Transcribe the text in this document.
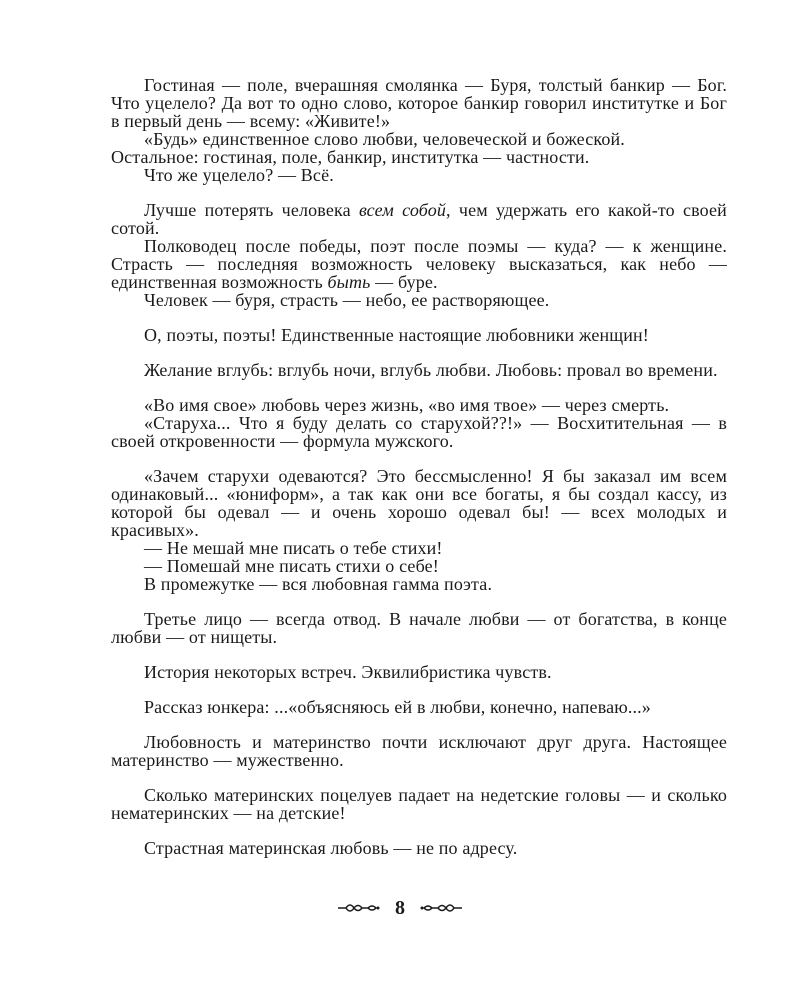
Гостиная — поле, вчерашняя смолянка — Буря, толстый банкир — Бог. Что уцелело? Да вот то одно слово, которое банкир говорил институтке и Бог в первый день — всему: «Живите!»

«Будь» единственное слово любви, человеческой и божеской.

Остальное: гостиная, поле, банкир, институтка — частности.

Что же уцелело? — Всё.

Лучше потерять человека всем собой, чем удержать его какой-то своей сотой.

Полководец после победы, поэт после поэмы — куда? — к женщине. Страсть — последняя возможность человеку высказаться, как небо — единственная возможность быть — буре.

Человек — буря, страсть — небо, ее растворяющее.

О, поэты, поэты! Единственные настоящие любовники женщин!

Желание вглубь: вглубь ночи, вглубь любви. Любовь: провал во времени.

«Во имя свое» любовь через жизнь, «во имя твое» — через смерть.

«Старуха... Что я буду делать со старухой??!» — Восхитительная — в своей откровенности — формула мужского.

«Зачем старухи одеваются? Это бессмысленно! Я бы заказал им всем одинаковый... «юниформ», а так как они все богаты, я бы создал кассу, из которой бы одевал — и очень хорошо одевал бы! — всех молодых и красивых».

— Не мешай мне писать о тебе стихи!

— Помешай мне писать стихи о себе!

В промежутке — вся любовная гамма поэта.

Третье лицо — всегда отвод. В начале любви — от богатства, в конце любви — от нищеты.

История некоторых встреч. Эквилибристика чувств.

Рассказ юнкера: ...«объясняюсь ей в любви, конечно, напеваю...»

Любовность и материнство почти исключают друг друга. Настоящее материнство — мужественно.

Сколько материнских поцелуев падает на недетские головы — и сколько нематеринских — на детские!

Страстная материнская любовь — не по адресу.

8
